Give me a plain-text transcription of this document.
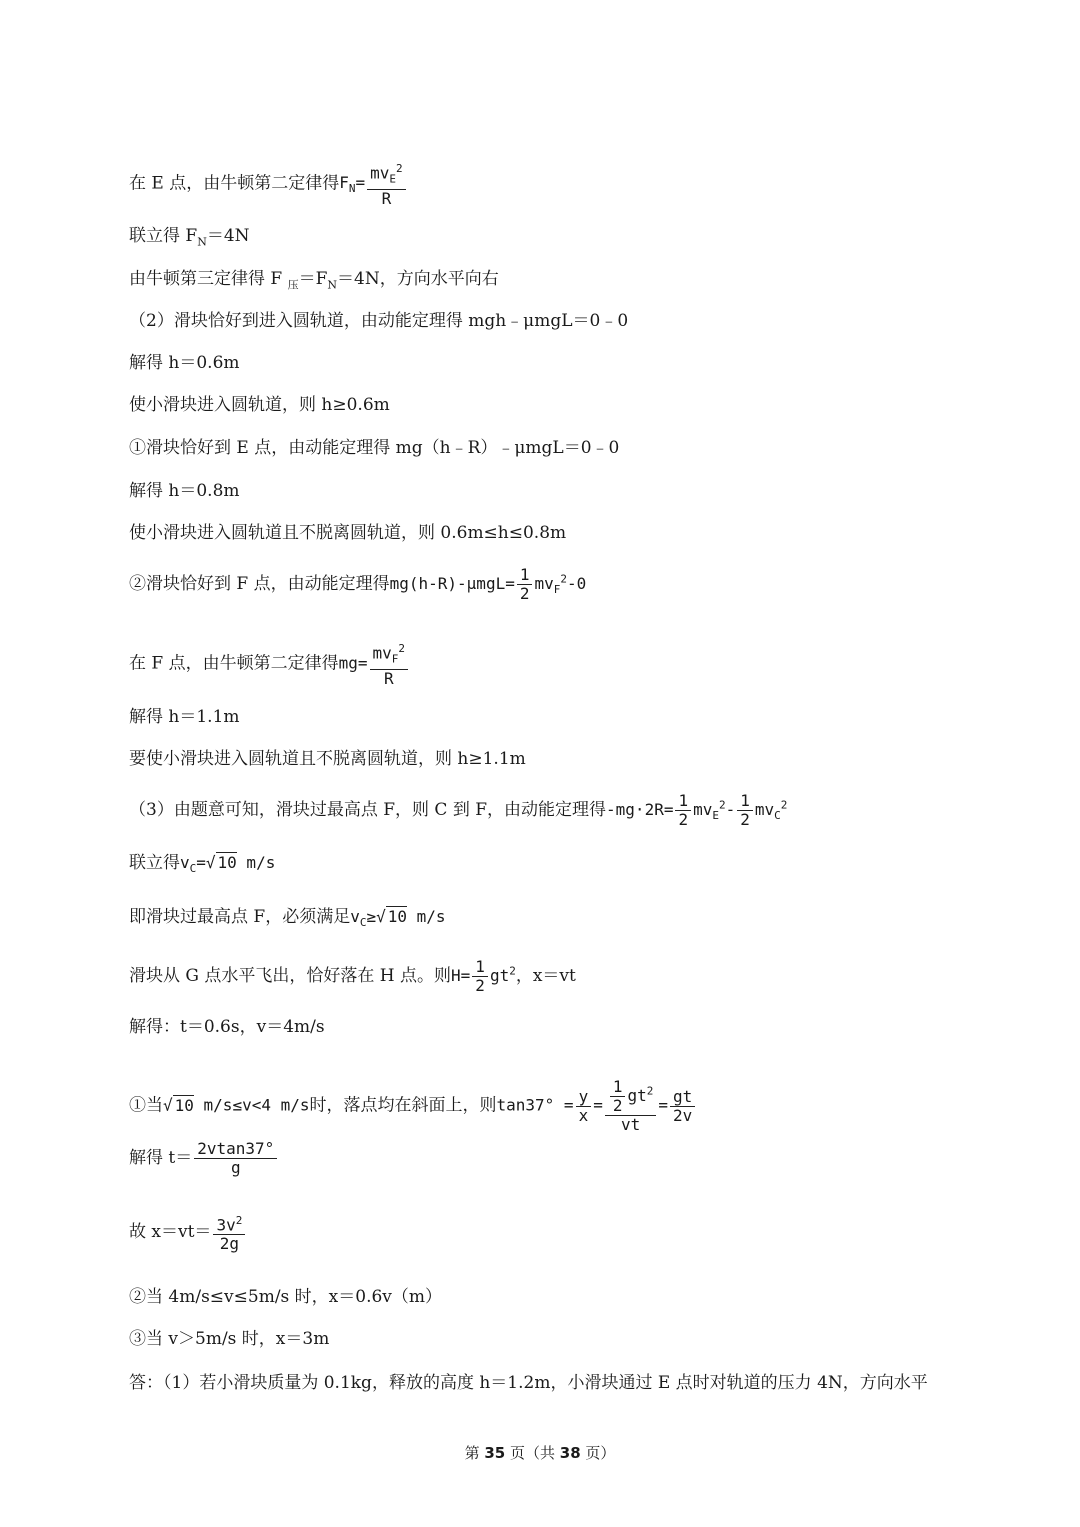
在 E 点，由牛顿第二定律得$F_N= \frac{mv_E^2}{R}$
联立得 $F_N=4N$
由牛顿第三定律得 F $_压=F_N=4N$，方向水平向右
（2）滑块恰好到进入圆轨道，由动能定理得 mgh﹣μmgL＝0﹣0
解得 h＝0.6m
使小滑块进入圆轨道，则 h≥0.6m
①滑块恰好到 E 点，由动能定理得 mg（h﹣R）﹣μmgL＝0﹣0
解得 h＝0.8m
使小滑块进入圆轨道且不脱离圆轨道，则 0.6m≤h≤0.8m
②滑块恰好到 F 点，由动能定理得$mg(h-R)-\mu mgL= \frac{1}{2} mv_F^2-0$
在 F 点，由牛顿第二定律得$mg= \frac{mv_F^2}{R}$
解得 h＝1.1m
要使小滑块进入圆轨道且不脱离圆轨道，则 h≥1.1m
（3）由题意可知，滑块过最高点 F，则 C 到 F，由动能定理得$-mg\cdot 2R= \frac{1}{2} mv_E^2- \frac{1}{2} mv_C^2$
联立得$v_C=√$ 10 m/s
即滑块过最高点 F，必须满足$v_C\ge√$ 10 m/s
滑块从 G 点水平飞出，恰好落在 H 点。则$H= \frac{1}{2} gt^2$，x＝vt
解得：t＝0.6s，v＝4m/s
①当√ 10 m/s≤v<4 m/s时，落点均在斜面上，则$\tan 37^\circ = \frac{y}{x} = \frac{\frac{1}{2} gt^2}{vt} = \frac{gt}{2v}$
解得 $t= \frac{2vtan37^\circ}{g}$
故 $x=vt= \frac{3v^2}{2g}$
②当 4m/s≤v≤5m/s 时，x＝0.6v（m）
③当 v＞5m/s 时，x＝3m
答：（1）若小滑块质量为 0.1kg，释放的高度 h＝1.2m，小滑块通过 E 点时对轨道的压力 4N，方向水平
第 35 页（共 38 页）
